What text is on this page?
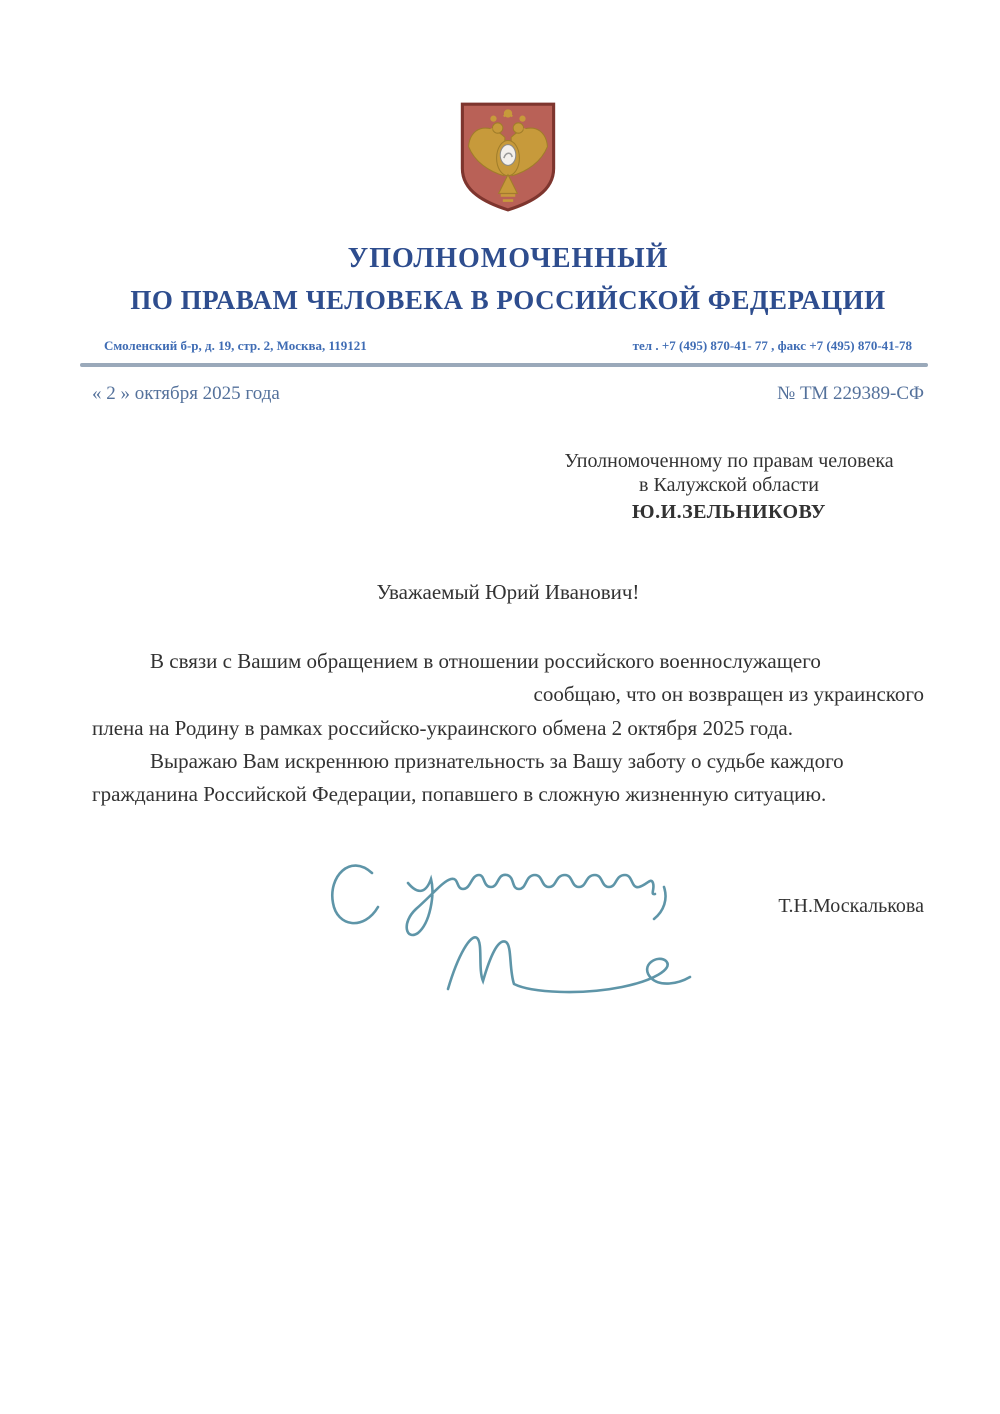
УПОЛНОМОЧЕННЫЙ
ПО ПРАВАМ ЧЕЛОВЕКА В РОССИЙСКОЙ ФЕДЕРАЦИИ
Смоленский б-р, д. 19, стр. 2, Москва, 119121	тел . +7 (495) 870-41- 77 , факс +7 (495) 870-41-78
« 2 » октября 2025 года	№ ТМ 229389-СФ
Уполномоченному по правам человека
в Калужской области
Ю.И.ЗЕЛЬНИКОВУ
Уважаемый Юрий Иванович!
В связи с Вашим обращением в отношении российского военнослужащего
сообщаю, что он возвращен из украинского
плена на Родину в рамках российско-украинского обмена 2 октября 2025 года.
Выражаю Вам искреннюю признательность за Вашу заботу о судьбе каждого
гражданина Российской Федерации, попавшего в сложную жизненную ситуацию.
Т.Н.Москалькова
